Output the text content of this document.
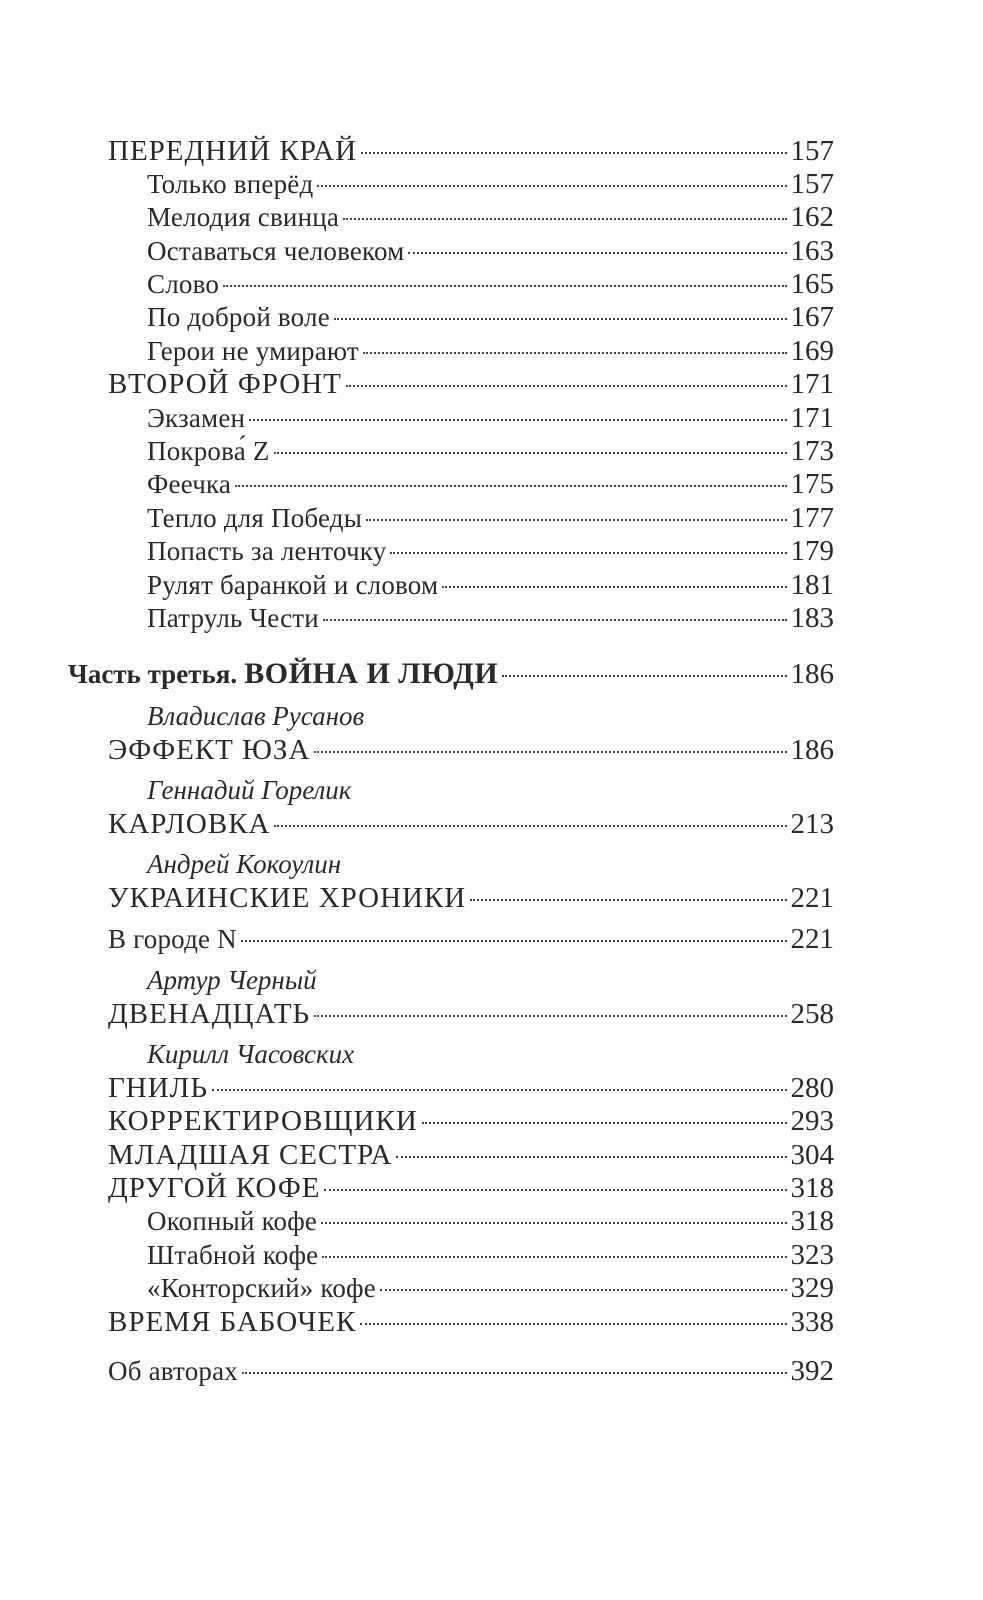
ПЕРЕДНИЙ КРАЙ	157
Только вперёд	157
Мелодия свинца	162
Оставаться человеком	163
Слово	165
По доброй воле	167
Герои не умирают	169
ВТОРОЙ ФРОНТ	171
Экзамен	171
Покрова́ Z	173
Феечка	175
Тепло для Победы	177
Попасть за ленточку	179
Рулят баранкой и словом	181
Патруль Чести	183
Часть третья. ВОЙНА И ЛЮДИ	186
Владислав Русанов
ЭФФЕКТ ЮЗА	186
Геннадий Горелик
КАРЛОВКА	213
Андрей Кокоулин
УКРАИНСКИЕ ХРОНИКИ	221
В городе N	221
Артур Черный
ДВЕНАДЦАТЬ	258
Кирилл Часовских
ГНИЛЬ	280
КОРРЕКТИРОВЩИКИ	293
МЛАДШАЯ СЕСТРА	304
ДРУГОЙ КОФЕ	318
Окопный кофе	318
Штабной кофе	323
«Конторский» кофе	329
ВРЕМЯ БАБОЧЕК	338
Об авторах	392
